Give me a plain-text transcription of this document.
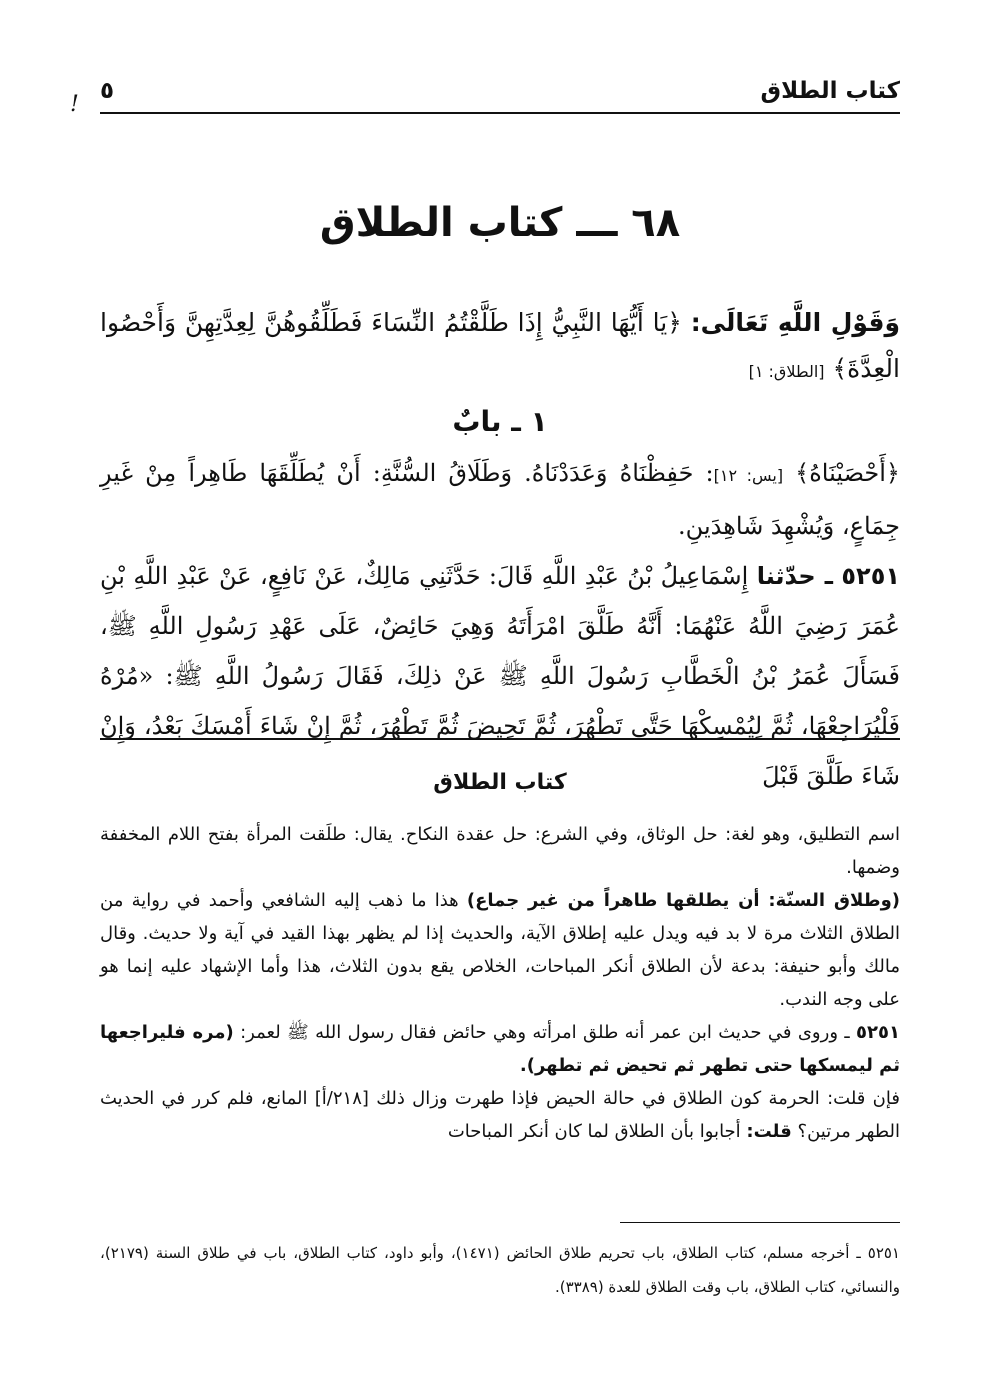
كتاب الطلاق
٥
!
٦٨ ـــ كتاب الطلاق
وَقَوْلِ اللَّهِ تَعَالَى: ﴿يَا أَيُّهَا النَّبِيُّ إِذَا طَلَّقْتُمُ النِّسَاءَ فَطَلِّقُوهُنَّ لِعِدَّتِهِنَّ وَأَحْصُوا الْعِدَّةَ﴾ [الطلاق: ١]
١ ـ بابٌ

﴿أَحْصَيْنَاهُ﴾ [يس: ١٢]: حَفِظْنَاهُ وَعَدَدْنَاهُ. وَطَلَاقُ السُّنَّةِ: أَنْ يُطَلِّقَهَا طَاهِراً مِنْ غَيرِ جِمَاعٍ، وَيُشْهِدَ شَاهِدَينِ.

٥٢٥١ ـ حدّثنا إِسْمَاعِيلُ بْنُ عَبْدِ اللَّهِ قَالَ: حَدَّثَنِي مَالِكٌ، عَنْ نَافِعٍ، عَنْ عَبْدِ اللَّهِ بْنِ عُمَرَ رَضِيَ اللَّهُ عَنْهُمَا: أَنَّهُ طَلَّقَ امْرَأَتَهُ وَهِيَ حَائِضٌ، عَلَى عَهْدِ رَسُولِ اللَّهِ ﷺ، فَسَأَلَ عُمَرُ بْنُ الْخَطَّابِ رَسُولَ اللَّهِ ﷺ عَنْ ذلِكَ، فَقَالَ رَسُولُ اللَّهِ ﷺ: «مُرْهُ فَلْيُرَاجِعْهَا، ثُمَّ لِيُمْسِكْهَا حَتَّى تَطْهُرَ، ثُمَّ تَحِيضَ ثُمَّ تَطْهُرَ، ثُمَّ إِنْ شَاءَ أَمْسَكَ بَعْدُ، وَإِنْ شَاءَ طَلَّقَ قَبْلَ

كتاب الطلاق

اسم التطليق، وهو لغة: حل الوثاق، وفي الشرع: حل عقدة النكاح. يقال: طلَقت المرأة بفتح اللام المخففة وضمها.

(وطلاق السنّة: أن يطلقها طاهراً من غير جماع) هذا ما ذهب إليه الشافعي وأحمد في رواية من الطلاق الثلاث مرة لا بد فيه ويدل عليه إطلاق الآية، والحديث إذا لم يظهر بهذا القيد في آية ولا حديث. وقال مالك وأبو حنيفة: بدعة لأن الطلاق أنكر المباحات، الخلاص يقع بدون الثلاث، هذا وأما الإشهاد عليه إنما هو على وجه الندب.

٥٢٥١ ـ وروى في حديث ابن عمر أنه طلق امرأته وهي حائض فقال رسول الله ﷺ لعمر: (مره فليراجعها ثم ليمسكها حتى تطهر ثم تحيض ثم تطهر).

فإن قلت: الحرمة كون الطلاق في حالة الحيض فإذا طهرت وزال ذلك [٢١٨/أ] المانع، فلم كرر في الحديث الطهر مرتين؟ قلت: أجابوا بأن الطلاق لما كان أنكر المباحات

٥٢٥١ ـ أخرجه مسلم، كتاب الطلاق، باب تحريم طلاق الحائض (١٤٧١)، وأبو داود، كتاب الطلاق، باب في طلاق السنة (٢١٧٩)، والنسائي، كتاب الطلاق، باب وقت الطلاق للعدة (٣٣٨٩).
